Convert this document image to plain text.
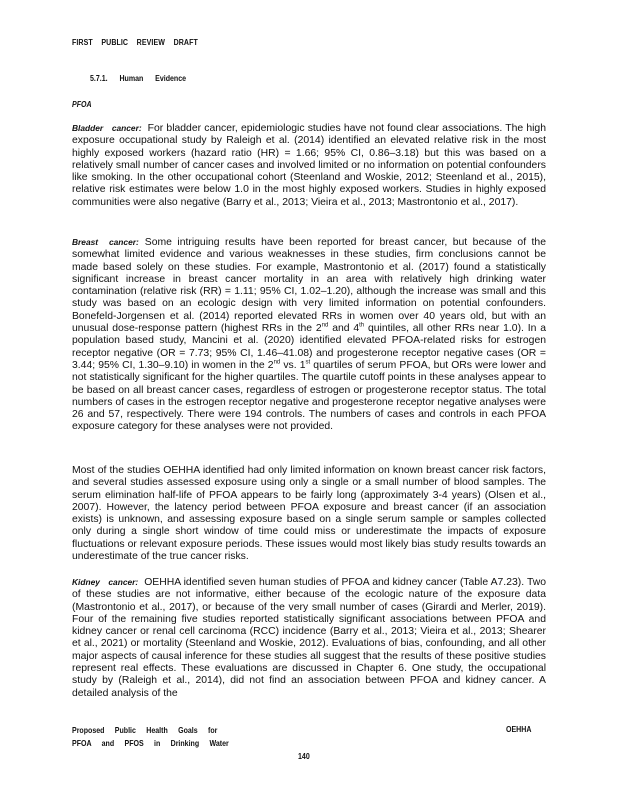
FIRST PUBLIC REVIEW DRAFT
5.7.1. Human Evidence
PFOA

Bladder cancer: For bladder cancer, epidemiologic studies have not found clear associations. The high exposure occupational study by Raleigh et al. (2014) identified an elevated relative risk in the most highly exposed workers (hazard ratio (HR) = 1.66; 95% CI, 0.86–3.18) but this was based on a relatively small number of cancer cases and involved limited or no information on potential confounders like smoking. In the other occupational cohort (Steenland and Woskie, 2012; Steenland et al., 2015), relative risk estimates were below 1.0 in the most highly exposed workers. Studies in highly exposed communities were also negative (Barry et al., 2013; Vieira et al., 2013; Mastrontonio et al., 2017).

Breast cancer: Some intriguing results have been reported for breast cancer, but because of the somewhat limited evidence and various weaknesses in these studies, firm conclusions cannot be made based solely on these studies. For example, Mastrontonio et al. (2017) found a statistically significant increase in breast cancer mortality in an area with relatively high drinking water contamination (relative risk (RR) = 1.11; 95% CI, 1.02–1.20), although the increase was small and this study was based on an ecologic design with very limited information on potential confounders. Bonefeld-Jorgensen et al. (2014) reported elevated RRs in women over 40 years old, but with an unusual dose-response pattern (highest RRs in the 2nd and 4th quintiles, all other RRs near 1.0). In a population based study, Mancini et al. (2020) identified elevated PFOA-related risks for estrogen receptor negative (OR = 7.73; 95% CI, 1.46–41.08) and progesterone receptor negative cases (OR = 3.44; 95% CI, 1.30–9.10) in women in the 2nd vs. 1st quartiles of serum PFOA, but ORs were lower and not statistically significant for the higher quartiles. The quartile cutoff points in these analyses appear to be based on all breast cancer cases, regardless of estrogen or progesterone receptor status. The total numbers of cases in the estrogen receptor negative and progesterone receptor negative analyses were 26 and 57, respectively. There were 194 controls. The numbers of cases and controls in each PFOA exposure category for these analyses were not provided.

Most of the studies OEHHA identified had only limited information on known breast cancer risk factors, and several studies assessed exposure using only a single or a small number of blood samples. The serum elimination half-life of PFOA appears to be fairly long (approximately 3-4 years) (Olsen et al., 2007). However, the latency period between PFOA exposure and breast cancer (if an association exists) is unknown, and assessing exposure based on a single serum sample or samples collected only during a single short window of time could miss or underestimate the impacts of exposure fluctuations or relevant exposure periods. These issues would most likely bias study results towards an underestimate of the true cancer risks.

Kidney cancer: OEHHA identified seven human studies of PFOA and kidney cancer (Table A7.23). Two of these studies are not informative, either because of the ecologic nature of the exposure data (Mastrontonio et al., 2017), or because of the very small number of cases (Girardi and Merler, 2019). Four of the remaining five studies reported statistically significant associations between PFOA and kidney cancer or renal cell carcinoma (RCC) incidence (Barry et al., 2013; Vieira et al., 2013; Shearer et al., 2021) or mortality (Steenland and Woskie, 2012). Evaluations of bias, confounding, and all other major aspects of causal inference for these studies all suggest that the results of these positive studies represent real effects. These evaluations are discussed in Chapter 6. One study, the occupational study by (Raleigh et al., 2014), did not find an association between PFOA and kidney cancer. A detailed analysis of the

Proposed Public Health Goals for
PFOA and PFOS in Drinking Water
OEHHA
140
